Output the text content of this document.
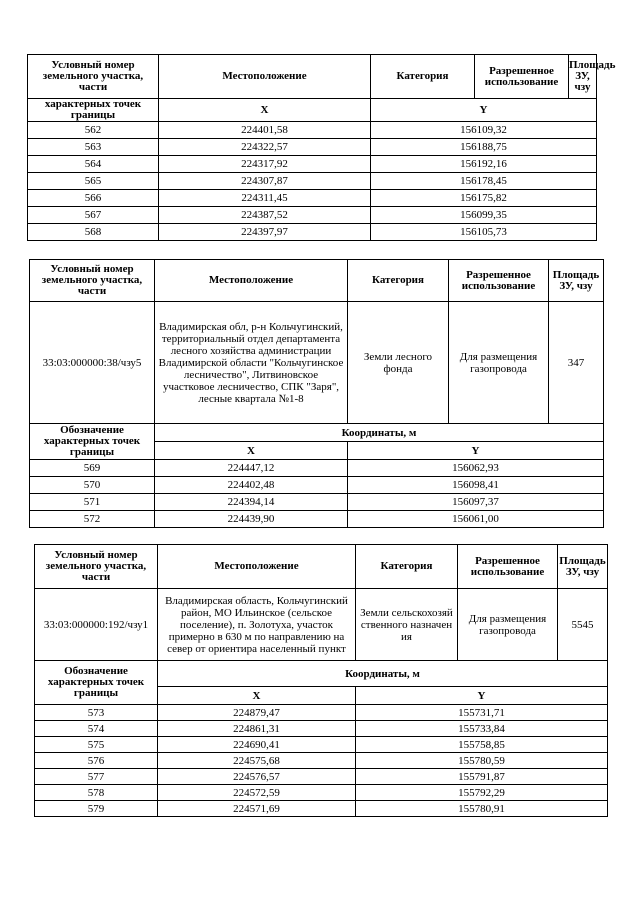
Условный номер земельного участка, части	Местоположение	Категория	Разрешенное использование	Площадь ЗУ, чзу
характерных точек границы	X	Y		
562	224401,58	156109,32		
563	224322,57	156188,75		
564	224317,92	156192,16		
565	224307,87	156178,45		
566	224311,45	156175,82		
567	224387,52	156099,35		
568	224397,97	156105,73		
Условный номер земельного участка, части	Местоположение	Категория	Разрешенное использование	Площадь ЗУ, чзу
33:03:000000:38/чзу5	Владимирская обл, р-н Кольчугинский, территориальный отдел департамента лесного хозяйства администрации Владимирской области "Кольчугинское лесничество", Литвиновское участковое лесничество, СПК "Заря", лесные квартала №1-8	Земли лесного фонда	Для размещения газопровода	347
Обозначение характерных точек границы	Координаты, м			
	X	Y		
569	224447,12	156062,93		
570	224402,48	156098,41		
571	224394,14	156097,37		
572	224439,90	156061,00		
Условный номер земельного участка, части	Местоположение	Категория	Разрешенное использование	Площадь ЗУ, чзу
33:03:000000:192/чзу1	Владимирская область, Кольчугинский район, МО Ильинское (сельское поселение), п. Золотуха, участок примерно в 630 м по направлению на север от ориентира населенный пункт	Земли сельскохозяйственного назначения	Для размещения газопровода	5545
Обозначение характерных точек границы	Координаты, м			
	X	Y		
573	224879,47	155731,71		
574	224861,31	155733,84		
575	224690,41	155758,85		
576	224575,68	155780,59		
577	224576,57	155791,87		
578	224572,59	155792,29		
579	224571,69	155780,91		
